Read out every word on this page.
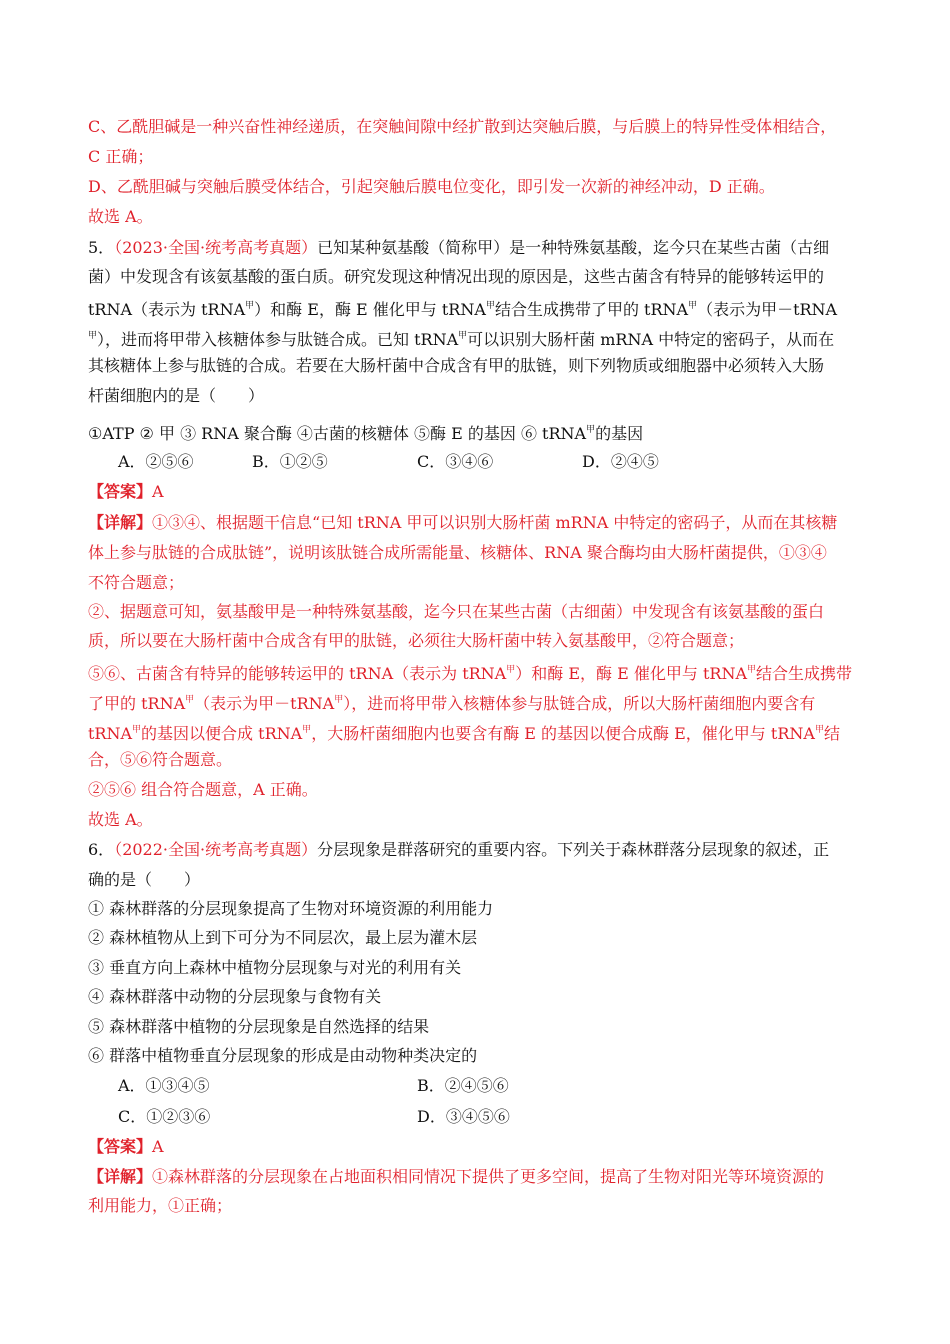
C、乙酰胆碱是一种兴奋性神经递质，在突触间隙中经扩散到达突触后膜，与后膜上的特异性受体相结合，
C 正确；
D、乙酰胆碱与突触后膜受体结合，引起突触后膜电位变化，即引发一次新的神经冲动，D 正确。
故选 A。
5．（2023·全国·统考高考真题）已知某种氨基酸（简称甲）是一种特殊氨基酸，迄今只在某些古菌（古细
菌）中发现含有该氨基酸的蛋白质。研究发现这种情况出现的原因是，这些古菌含有特异的能够转运甲的
tRNA（表示为 tRNA$^甲$）和酶 E，酶 E 催化甲与 tRNA$^甲$结合生成携带了甲的 tRNA$^甲$（表示为甲－tRNA
$^甲$），进而将甲带入核糖体参与肽链合成。已知 tRNA$^甲$可以识别大肠杆菌 mRNA 中特定的密码子，从而在
其核糖体上参与肽链的合成。若要在大肠杆菌中合成含有甲的肽链，则下列物质或细胞器中必须转入大肠
杆菌细胞内的是（　　）
①ATP ② 甲 ③ RNA 聚合酶 ④古菌的核糖体 ⑤酶 E 的基因 ⑥ tRNA$^甲$的基因
A．②⑤⑥	B．①②⑤	C．③④⑥	D．②④⑤
【答案】A
【详解】①③④、根据题干信息“已知 tRNA 甲可以识别大肠杆菌 mRNA 中特定的密码子，从而在其核糖
体上参与肽链的合成肽链”，说明该肽链合成所需能量、核糖体、RNA 聚合酶均由大肠杆菌提供，①③④
不符合题意；
②、据题意可知，氨基酸甲是一种特殊氨基酸，迄今只在某些古菌（古细菌）中发现含有该氨基酸的蛋白
质，所以要在大肠杆菌中合成含有甲的肽链，必须往大肠杆菌中转入氨基酸甲，②符合题意；
⑤⑥、古菌含有特异的能够转运甲的 tRNA（表示为 tRNA$^甲$）和酶 E，酶 E 催化甲与 tRNA$^甲$结合生成携带
了甲的 tRNA$^甲$（表示为甲－tRNA$^甲$），进而将甲带入核糖体参与肽链合成，所以大肠杆菌细胞内要含有
tRNA$^甲$的基因以便合成 tRNA$^甲$，大肠杆菌细胞内也要含有酶 E 的基因以便合成酶 E，催化甲与 tRNA$^甲$结
合，⑤⑥符合题意。
②⑤⑥ 组合符合题意，A 正确。
故选 A。
6．（2022·全国·统考高考真题）分层现象是群落研究的重要内容。下列关于森林群落分层现象的叙述，正
确的是（　　）
① 森林群落的分层现象提高了生物对环境资源的利用能力
② 森林植物从上到下可分为不同层次，最上层为灌木层
③ 垂直方向上森林中植物分层现象与对光的利用有关
④ 森林群落中动物的分层现象与食物有关
⑤ 森林群落中植物的分层现象是自然选择的结果
⑥ 群落中植物垂直分层现象的形成是由动物种类决定的
A．①③④⑤	B．②④⑤⑥
C．①②③⑥	D．③④⑤⑥
【答案】A
【详解】①森林群落的分层现象在占地面积相同情况下提供了更多空间，提高了生物对阳光等环境资源的
利用能力，①正确；
